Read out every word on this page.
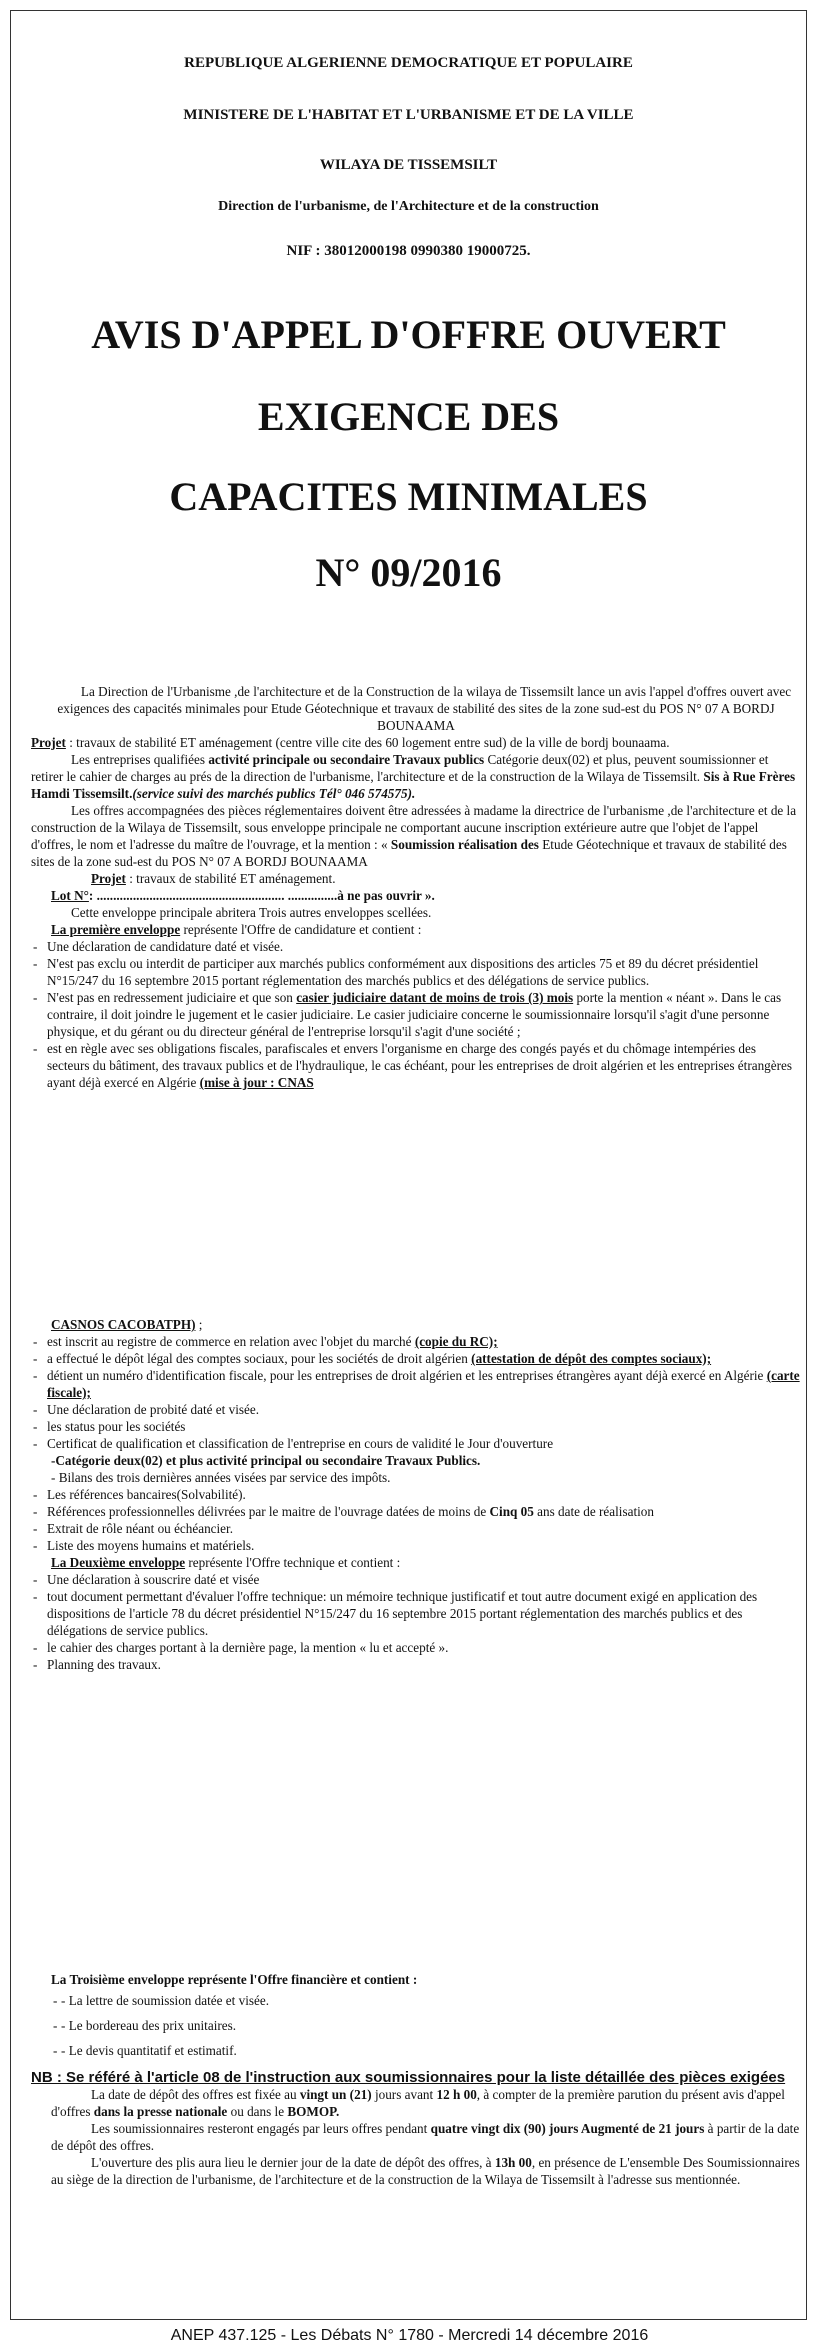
REPUBLIQUE ALGERIENNE DEMOCRATIQUE ET POPULAIRE
MINISTERE DE L'HABITAT ET L'URBANISME ET DE LA VILLE
WILAYA DE TISSEMSILT
Direction de l'urbanisme, de l'Architecture et de la construction
NIF : 38012000198 0990380 19000725.
AVIS D'APPEL D'OFFRE OUVERT
EXIGENCE DES
CAPACITES MINIMALES
N° 09/2016

La Direction de l'Urbanisme ,de l'architecture et de la Construction de la wilaya de Tissemsilt lance un avis l'appel d'offres ouvert avec exigences des capacités minimales pour Etude Géotechnique et travaux de stabilité des sites de la zone sud-est du POS N° 07 A BORDJ BOUNAAMA

Projet : travaux de stabilité ET aménagement (centre ville cite des 60 logement entre sud) de la ville de bordj bounaama.

Les entreprises qualifiées activité principale ou secondaire Travaux publics Catégorie deux(02) et plus, peuvent soumissionner et retirer le cahier de charges au prés de la direction de l'urbanisme, l'architecture et de la construction de la Wilaya de Tissemsilt. Sis à Rue Frères Hamdi Tissemsilt.(service suivi des marchés publics Tél° 046 574575).

Les offres accompagnées des pièces réglementaires doivent être adressées à madame la directrice de l'urbanisme ,de l'architecture et de la construction de la Wilaya de Tissemsilt, sous enveloppe principale ne comportant aucune inscription extérieure autre que l'objet de l'appel d'offres, le nom et l'adresse du maître de l'ouvrage, et la mention : « Soumission réalisation des Etude Géotechnique et travaux de stabilité des sites de la zone sud-est du POS N° 07 A BORDJ BOUNAAMA

Projet : travaux de stabilité ET aménagement.

Lot N°: ......................................................... ...............à ne pas ouvrir ».

Cette enveloppe principale abritera Trois autres enveloppes scellées.

La première enveloppe représente l'Offre de candidature et contient :

- Une déclaration de candidature daté et visée.
- N'est pas exclu ou interdit de participer aux marchés publics conformément aux dispositions des articles 75 et 89 du décret présidentiel N°15/247 du 16 septembre 2015 portant réglementation des marchés publics et des délégations de service publics.
- N'est pas en redressement judiciaire et que son casier judiciaire datant de moins de trois (3) mois porte la mention « néant ». Dans le cas contraire, il doit joindre le jugement et le casier judiciaire. Le casier judiciaire concerne le soumissionnaire lorsqu'il s'agit d'une personne physique, et du gérant ou du directeur général de l'entreprise lorsqu'il s'agit d'une société ;
- est en règle avec ses obligations fiscales, parafiscales et envers l'organisme en charge des congés payés et du chômage intempéries des secteurs du bâtiment, des travaux publics et de l'hydraulique, le cas échéant, pour les entreprises de droit algérien et les entreprises étrangères ayant déjà exercé en Algérie (mise à jour : CNAS

CASNOS CACOBATPH) ;

- est inscrit au registre de commerce en relation avec l'objet du marché (copie du RC);
- a effectué le dépôt légal des comptes sociaux, pour les sociétés de droit algérien (attestation de dépôt des comptes sociaux);
- détient un numéro d'identification fiscale, pour les entreprises de droit algérien et les entreprises étrangères ayant déjà exercé en Algérie (carte fiscale);
- Une déclaration de probité daté et visée.
- les status pour les sociétés
- Certificat de qualification et classification de l'entreprise en cours de validité le Jour d'ouverture

-Catégorie deux(02) et plus activité principal ou secondaire Travaux Publics.

- Bilans des trois dernières années visées par service des impôts.

- Les références bancaires(Solvabilité).
- Références professionnelles délivrées par le maitre de l'ouvrage datées de moins de Cinq 05 ans date de réalisation
- Extrait de rôle néant ou échéancier.
- Liste des moyens humains et matériels.

La Deuxième enveloppe représente l'Offre technique et contient :

- Une déclaration à souscrire daté et visée
- tout document permettant d'évaluer l'offre technique: un mémoire technique justificatif et tout autre document exigé en application des dispositions de l'article 78 du décret présidentiel N°15/247 du 16 septembre 2015 portant réglementation des marchés publics et des délégations de service publics.
- le cahier des charges portant à la dernière page, la mention « lu et accepté ».
- Planning des travaux.

La Troisième enveloppe représente l'Offre financière et contient :

- - La lettre de soumission datée et visée.
- - Le bordereau des prix unitaires.
- - Le devis quantitatif et estimatif.

NB : Se référé à l'article 08 de l'instruction aux soumissionnaires pour la liste détaillée des pièces exigées

La date de dépôt des offres est fixée au vingt un (21) jours avant 12 h 00, à compter de la première parution du présent avis d'appel d'offres dans la presse nationale ou dans le BOMOP.

Les soumissionnaires resteront engagés par leurs offres pendant quatre vingt dix (90) jours Augmenté de 21 jours à partir de la date de dépôt des offres.

L'ouverture des plis aura lieu le dernier jour de la date de dépôt des offres, à 13h 00, en présence de L'ensemble Des Soumissionnaires au siège de la direction de l'urbanisme, de l'architecture et de la construction de la Wilaya de Tissemsilt à l'adresse sus mentionnée.

ANEP 437.125 - Les Débats N° 1780 - Mercredi 14 décembre 2016
